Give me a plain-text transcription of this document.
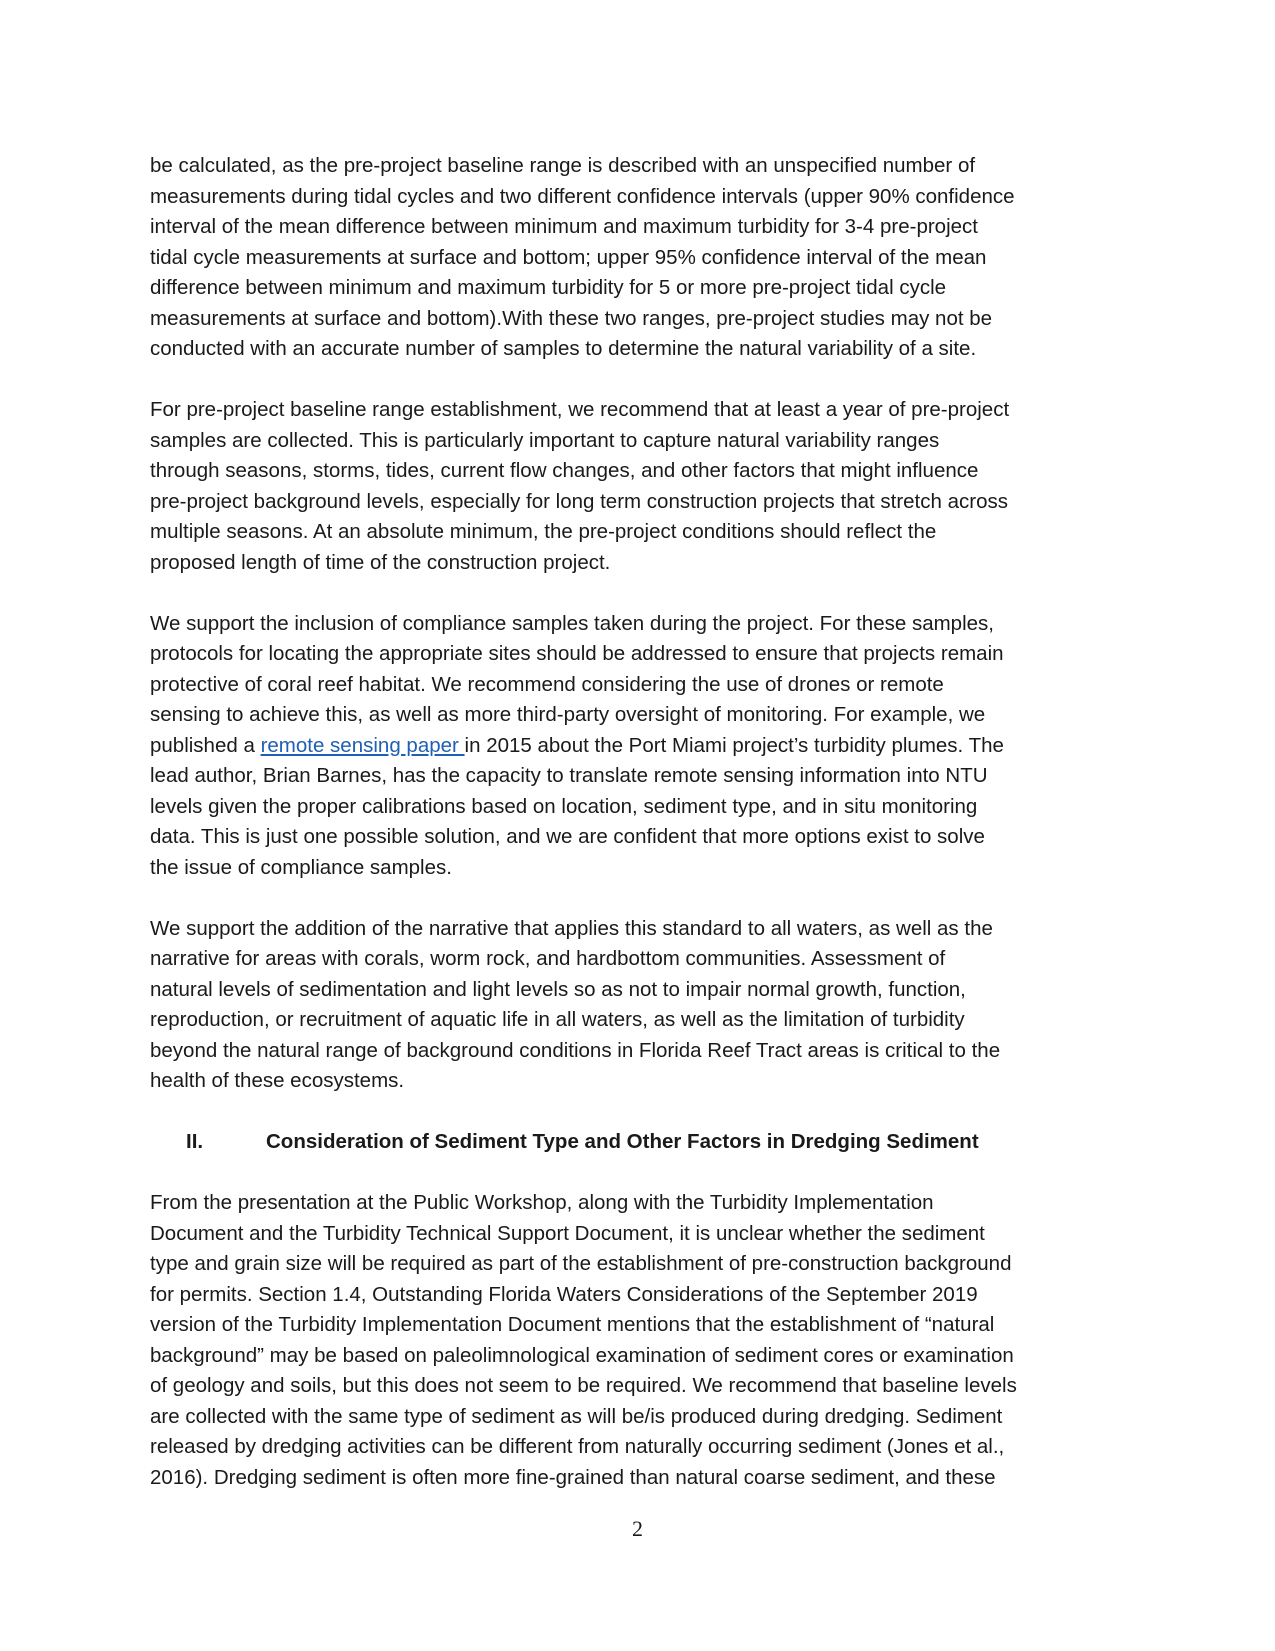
be calculated, as the pre-project baseline range is described with an unspecified number of
measurements during tidal cycles and two different confidence intervals (upper 90% confidence
interval of the mean difference between minimum and maximum turbidity for 3-4 pre-project
tidal cycle measurements at surface and bottom; upper 95% confidence interval of the mean
difference between minimum and maximum turbidity for 5 or more pre-project tidal cycle
measurements at surface and bottom).With these two ranges, pre-project studies may not be
conducted with an accurate number of samples to determine the natural variability of a site.

For pre-project baseline range establishment, we recommend that at least a year of pre-project
samples are collected. This is particularly important to capture natural variability ranges
through seasons, storms, tides, current flow changes, and other factors that might influence
pre-project background levels, especially for long term construction projects that stretch across
multiple seasons. At an absolute minimum, the pre-project conditions should reflect the
proposed length of time of the construction project.

We support the inclusion of compliance samples taken during the project. For these samples,
protocols for locating the appropriate sites should be addressed to ensure that projects remain
protective of coral reef habitat. We recommend considering the use of drones or remote
sensing to achieve this, as well as more third-party oversight of monitoring. For example, we
published a remote sensing paper in 2015 about the Port Miami project’s turbidity plumes. The
lead author, Brian Barnes, has the capacity to translate remote sensing information into NTU
levels given the proper calibrations based on location, sediment type, and in situ monitoring
data. This is just one possible solution, and we are confident that more options exist to solve
the issue of compliance samples.

We support the addition of the narrative that applies this standard to all waters, as well as the
narrative for areas with corals, worm rock, and hardbottom communities. Assessment of
natural levels of sedimentation and light levels so as not to impair normal growth, function,
reproduction, or recruitment of aquatic life in all waters, as well as the limitation of turbidity
beyond the natural range of background conditions in Florida Reef Tract areas is critical to the
health of these ecosystems.

II.	Consideration of Sediment Type and Other Factors in Dredging Sediment

From the presentation at the Public Workshop, along with the Turbidity Implementation
Document and the Turbidity Technical Support Document, it is unclear whether the sediment
type and grain size will be required as part of the establishment of pre-construction background
for permits. Section 1.4, Outstanding Florida Waters Considerations of the September 2019
version of the Turbidity Implementation Document mentions that the establishment of “natural
background” may be based on paleolimnological examination of sediment cores or examination
of geology and soils, but this does not seem to be required. We recommend that baseline levels
are collected with the same type of sediment as will be/is produced during dredging. Sediment
released by dredging activities can be different from naturally occurring sediment (Jones et al.,
2016). Dredging sediment is often more fine-grained than natural coarse sediment, and these

2
